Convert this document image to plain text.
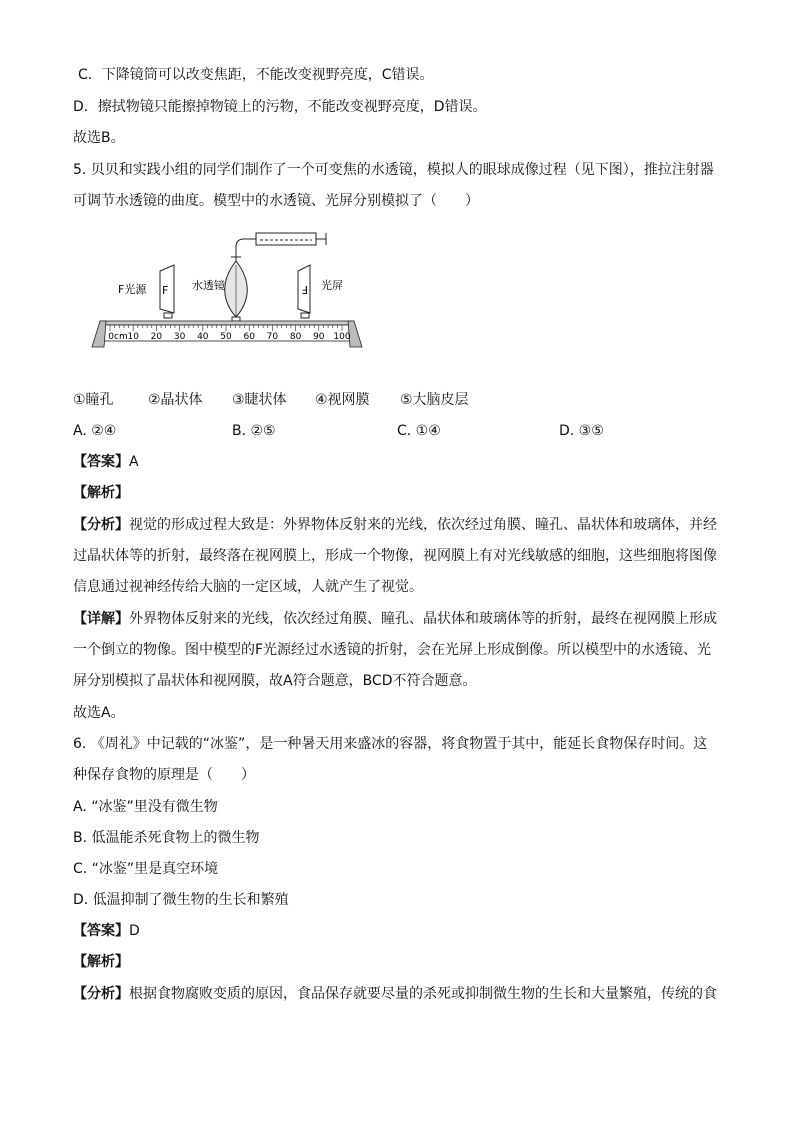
C．下降镜筒可以改变焦距，不能改变视野亮度，C错误。
D．擦拭物镜只能擦掉物镜上的污物，不能改变视野亮度，D错误。
故选B。
5. 贝贝和实践小组的同学们制作了一个可变焦的水透镜，模拟人的眼球成像过程（见下图），推拉注射器
可调节水透镜的曲度。模型中的水透镜、光屏分别模拟了（　　）
F	F
F光源	水透镜	光屏
0cm 10 20 30 40 50 60 70 80 90 100
①瞳孔 ②晶状体 ③睫状体 ④视网膜 ⑤大脑皮层
A. ②④	B. ②⑤	C. ①④	D. ③⑤
【答案】A
【解析】
【分析】视觉的形成过程大致是：外界物体反射来的光线，依次经过角膜、瞳孔、晶状体和玻璃体，并经
过晶状体等的折射，最终落在视网膜上，形成一个物像，视网膜上有对光线敏感的细胞，这些细胞将图像
信息通过视神经传给大脑的一定区域，人就产生了视觉。
【详解】外界物体反射来的光线，依次经过角膜、瞳孔、晶状体和玻璃体等的折射，最终在视网膜上形成
一个倒立的物像。图中模型的F光源经过水透镜的折射，会在光屏上形成倒像。所以模型中的水透镜、光
屏分别模拟了晶状体和视网膜，故A符合题意，BCD不符合题意。
故选A。
6. 《周礼》中记载的“冰鉴”，是一种暑天用来盛冰的容器，将食物置于其中，能延长食物保存时间。这
种保存食物的原理是（　　）
A. “冰鉴”里没有微生物
B. 低温能杀死食物上的微生物
C. “冰鉴”里是真空环境
D. 低温抑制了微生物的生长和繁殖
【答案】D
【解析】
【分析】根据食物腐败变质的原因，食品保存就要尽量的杀死或抑制微生物的生长和大量繁殖，传统的食
